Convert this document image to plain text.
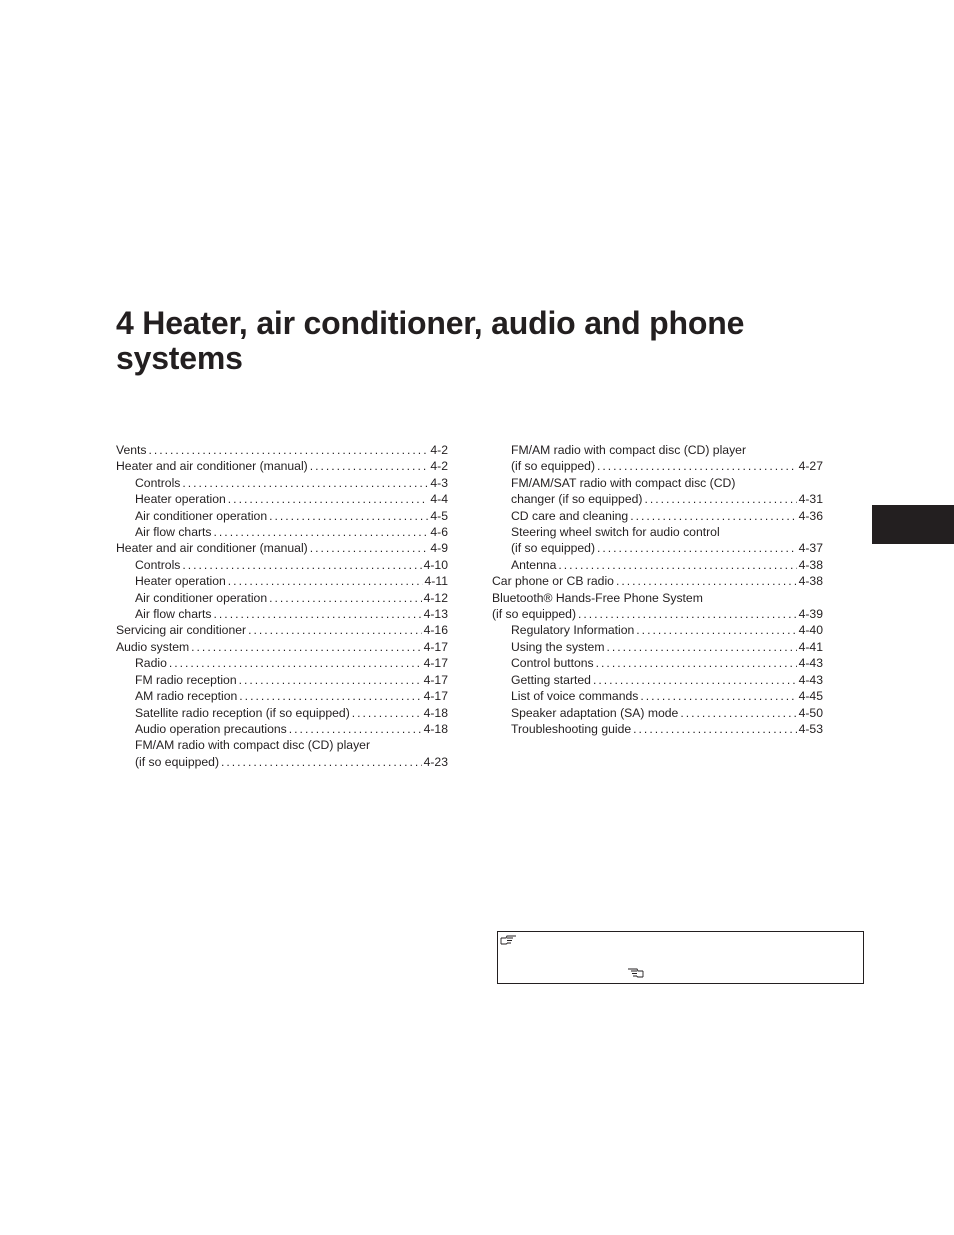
4 Heater, air conditioner, audio and phone systems
Vents .....	4-2
Heater and air conditioner (manual) .....	4-2
Controls .....	4-3
Heater operation .....	4-4
Air conditioner operation .....	4-5
Air flow charts .....	4-6
Heater and air conditioner (manual) .....	4-9
Controls .....	4-10
Heater operation .....	4-11
Air conditioner operation .....	4-12
Air flow charts .....	4-13
Servicing air conditioner .....	4-16
Audio system .....	4-17
Radio .....	4-17
FM radio reception .....	4-17
AM radio reception .....	4-17
Satellite radio reception (if so equipped) .....	4-18
Audio operation precautions .....	4-18
FM/AM radio with compact disc (CD) player
(if so equipped) .....	4-23
FM/AM radio with compact disc (CD) player
(if so equipped) .....	4-27
FM/AM/SAT radio with compact disc (CD)
changer (if so equipped) .....	4-31
CD care and cleaning .....	4-36
Steering wheel switch for audio control
(if so equipped) .....	4-37
Antenna .....	4-38
Car phone or CB radio .....	4-38
Bluetooth® Hands-Free Phone System
(if so equipped) .....	4-39
Regulatory Information .....	4-40
Using the system .....	4-41
Control buttons .....	4-43
Getting started .....	4-43
List of voice commands .....	4-45
Speaker adaptation (SA) mode .....	4-50
Troubleshooting guide .....	4-53
